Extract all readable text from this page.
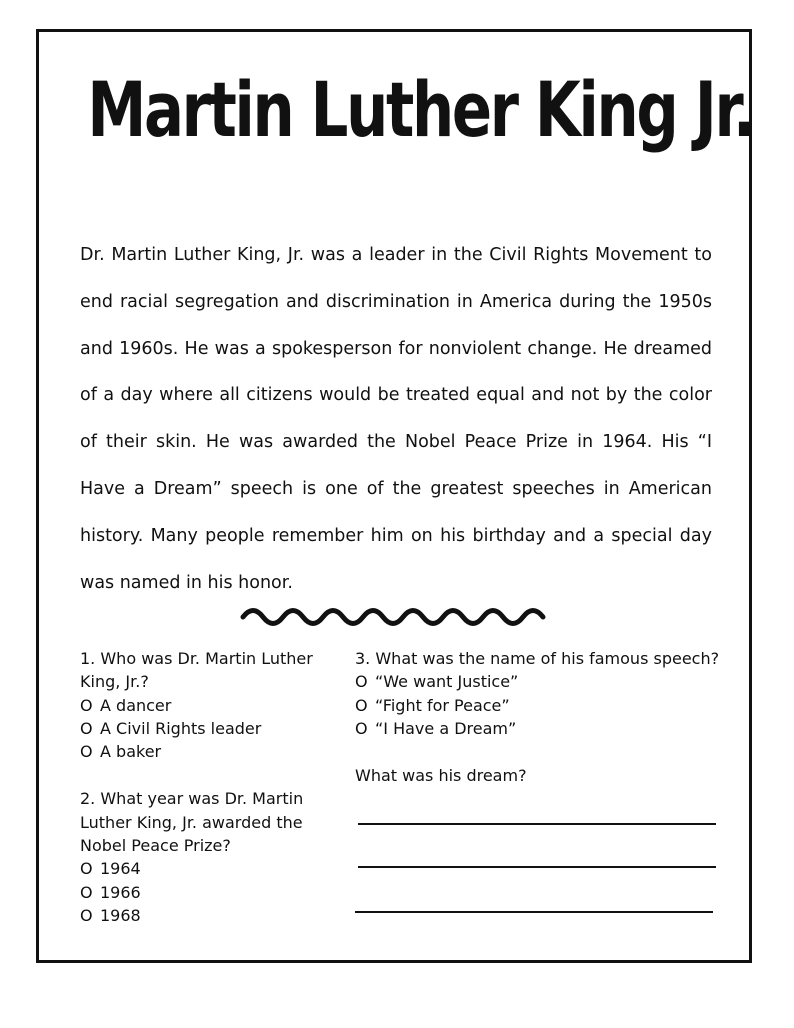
Martin Luther King Jr.
Dr. Martin Luther King, Jr. was a leader in the Civil Rights Movement to end racial segregation and discrimination in America during the 1950s and 1960s. He was a spokesperson for nonviolent change. He dreamed of a day where all citizens would be treated equal and not by the color of their skin. He was awarded the Nobel Peace Prize in 1964. His “I Have a Dream” speech is one of the greatest speeches in American history. Many people remember him on his birthday and a special day was named in his honor.

1. Who was Dr. Martin Luther King, Jr.?

O A dancer
O A Civil Rights leader
O A baker

2. What year was Dr. Martin Luther King, Jr. awarded the Nobel Peace Prize?

O 1964
O 1966
O 1968

3. What was the name of his famous speech?

O “We want Justice”
O “Fight for Peace”
O “I Have a Dream”

What was his dream?
